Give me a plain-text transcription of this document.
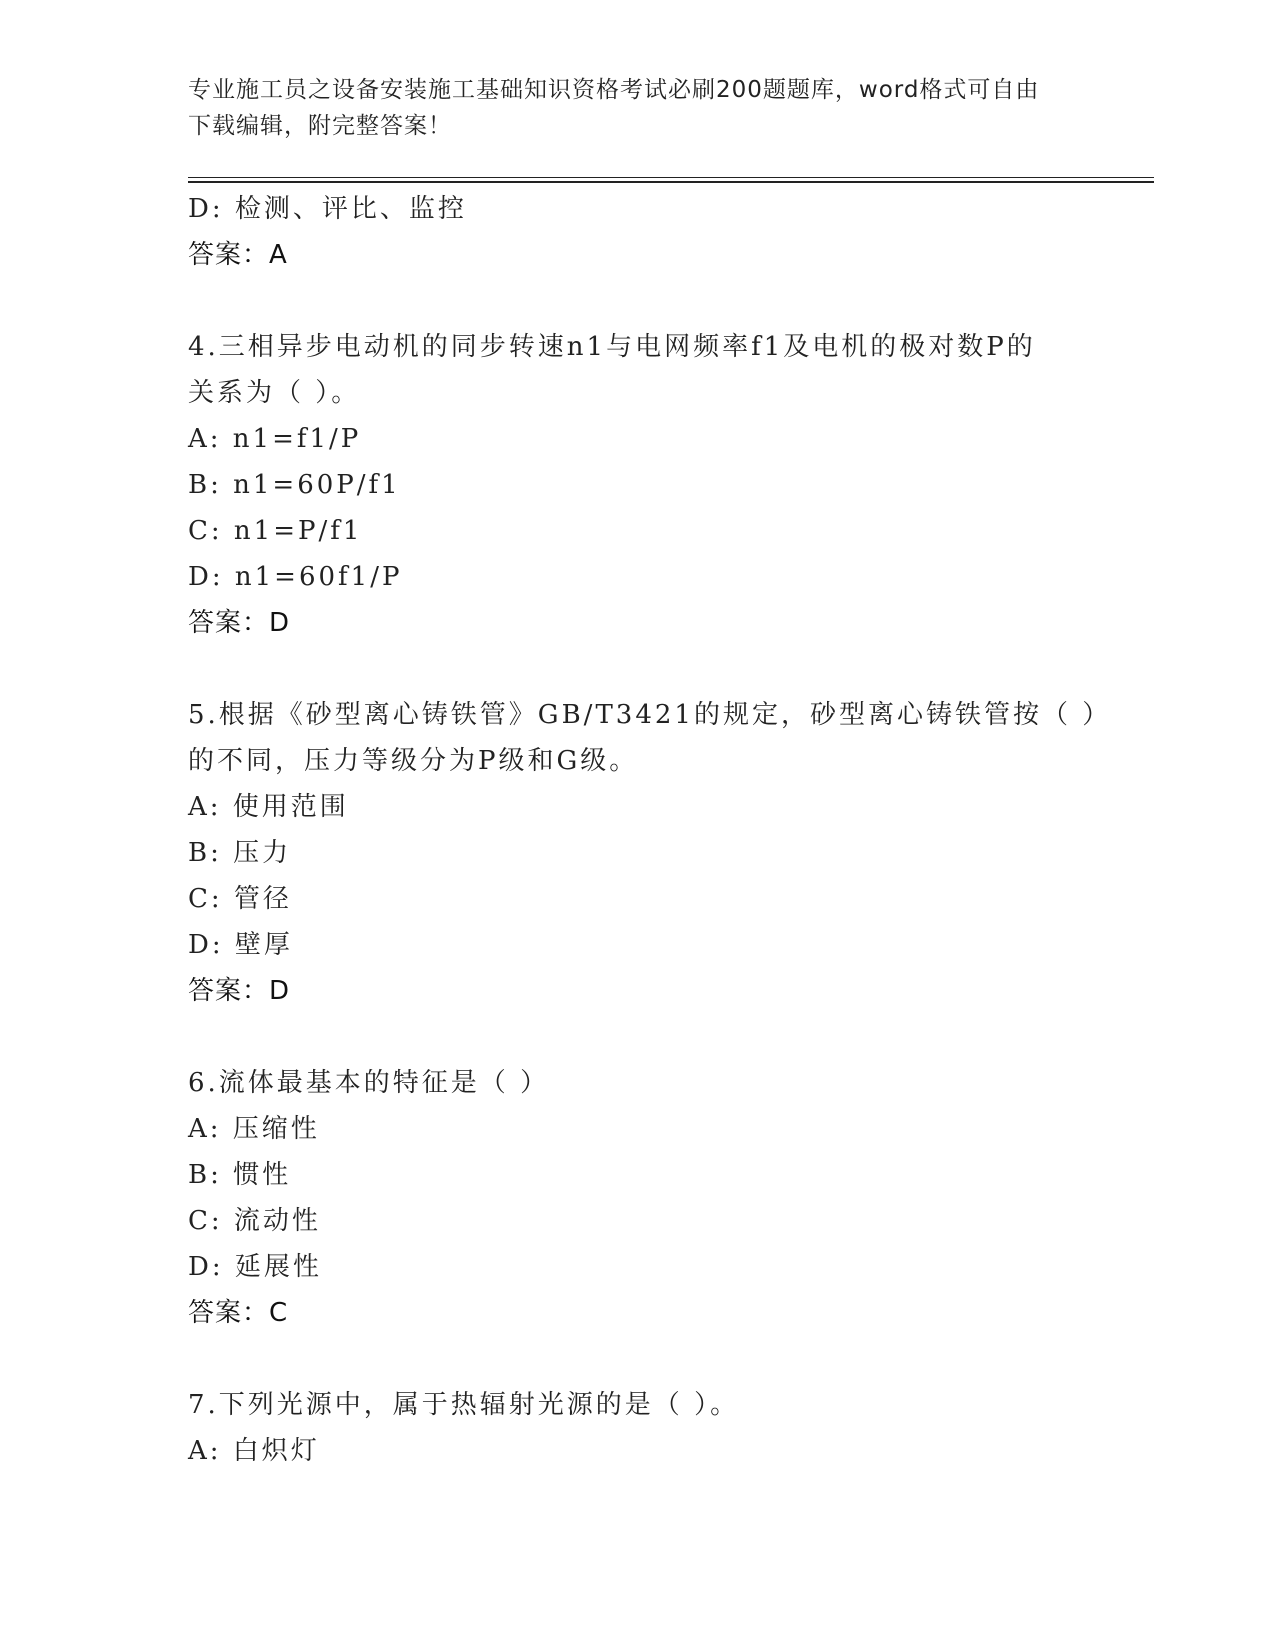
专业施工员之设备安装施工基础知识资格考试必刷200题题库，word格式可自由
下载编辑，附完整答案！
D: 检测、评比、监控
答案：A
4.三相异步电动机的同步转速n1与电网频率f1及电机的极对数P的
关系为（ ）。
A: n1=f1/P
B: n1=60P/f1
C: n1=P/f1
D: n1=60f1/P
答案：D
5.根据《砂型离心铸铁管》GB/T3421的规定，砂型离心铸铁管按（ ）
的不同，压力等级分为P级和G级。
A: 使用范围
B: 压力
C: 管径
D: 壁厚
答案：D
6.流体最基本的特征是（ ）
A: 压缩性
B: 惯性
C: 流动性
D: 延展性
答案：C
7.下列光源中，属于热辐射光源的是（ ）。
A: 白炽灯
